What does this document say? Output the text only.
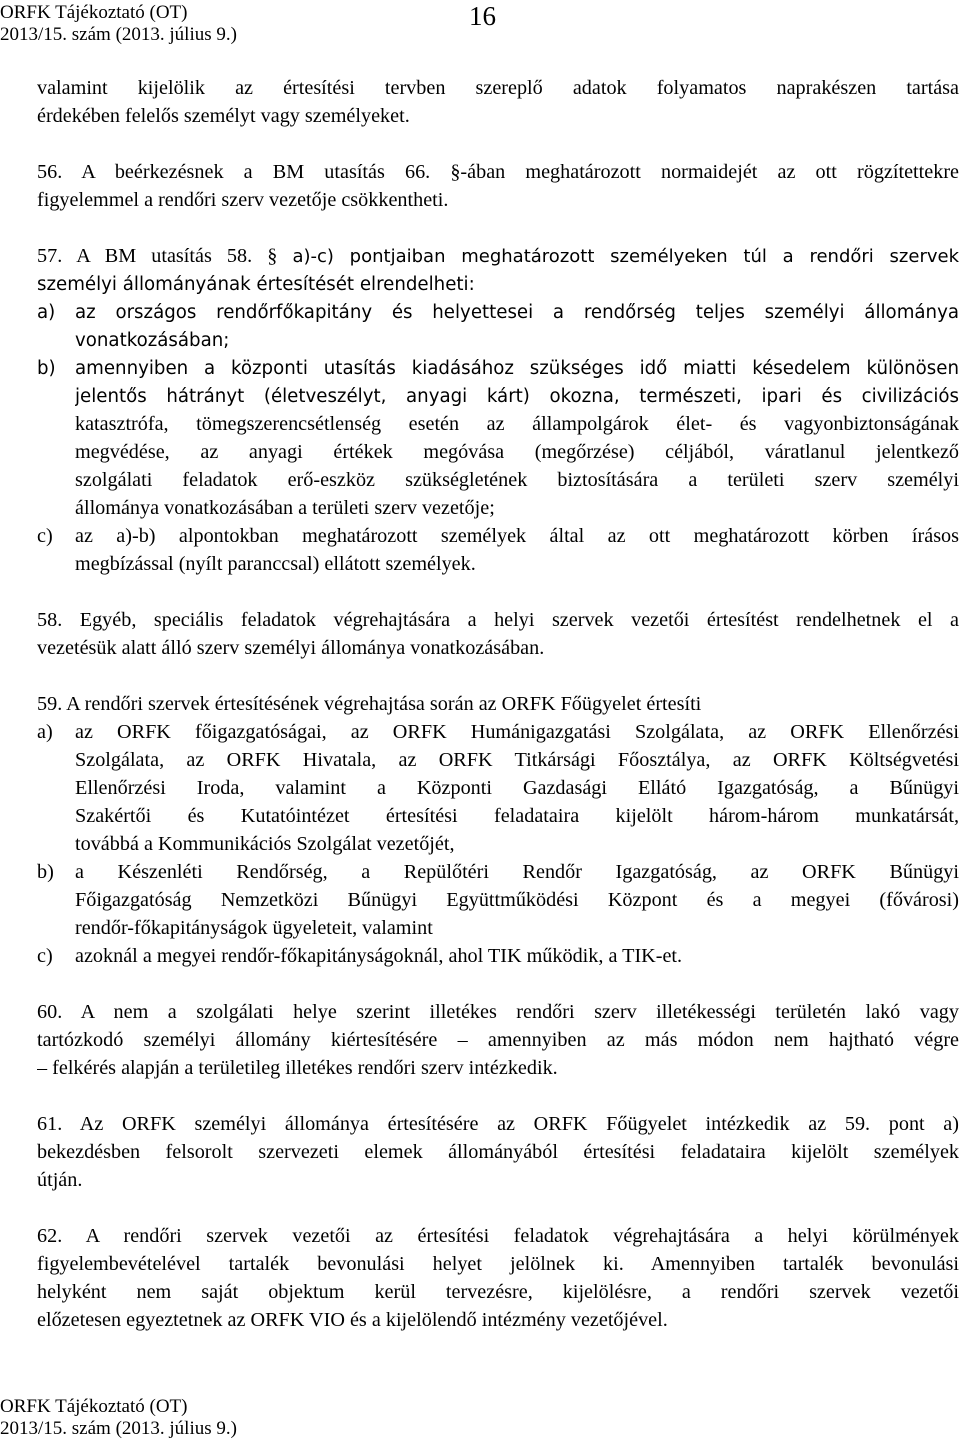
ORFK Tájékoztató (OT)
2013/15. szám (2013. július 9.)
16
valamint kijelölik az értesítési tervben szereplő adatok folyamatos naprakészen tartása
érdekében felelős személyt vagy személyeket.
56. A beérkezésnek a BM utasítás 66. §-ában meghatározott normaidejét az ott rögzítettekre
figyelemmel a rendőri szerv vezetője csökkentheti.
57. A BM utasítás 58. § a)-c) pontjaiban meghatározott személyeken túl a rendőri szervek
személyi állományának értesítését elrendelheti:
a) az országos rendőrfőkapitány és helyettesei a rendőrség teljes személyi állománya
vonatkozásában;
b) amennyiben a központi utasítás kiadásához szükséges idő miatti késedelem különösen
jelentős hátrányt (életveszélyt, anyagi kárt) okozna, természeti, ipari és civilizációs
katasztrófa, tömegszerencsétlenség esetén az állampolgárok élet- és vagyonbiztonságának
megvédése, az anyagi értékek megóvása (megőrzése) céljából, váratlanul jelentkező
szolgálati feladatok erő-eszköz szükségletének biztosítására a területi szerv személyi
állománya vonatkozásában a területi szerv vezetője;
c) az a)-b) alpontokban meghatározott személyek által az ott meghatározott körben írásos
megbízással (nyílt paranccsal) ellátott személyek.
58. Egyéb, speciális feladatok végrehajtására a helyi szervek vezetői értesítést rendelhetnek el a
vezetésük alatt álló szerv személyi állománya vonatkozásában.
59. A rendőri szervek értesítésének végrehajtása során az ORFK Főügyelet értesíti
a) az ORFK főigazgatóságai, az ORFK Humánigazgatási Szolgálata, az ORFK Ellenőrzési
Szolgálata, az ORFK Hivatala, az ORFK Titkársági Főosztálya, az ORFK Költségvetési
Ellenőrzési Iroda, valamint a Központi Gazdasági Ellátó Igazgatóság, a Bűnügyi
Szakértői és Kutatóintézet értesítési feladataira kijelölt három-három munkatársát,
továbbá a Kommunikációs Szolgálat vezetőjét,
b) a Készenléti Rendőrség, a Repülőtéri Rendőr Igazgatóság, az ORFK Bűnügyi
Főigazgatóság Nemzetközi Bűnügyi Együttműködési Központ és a megyei (fővárosi)
rendőr-főkapitányságok ügyeleteit, valamint
c) azoknál a megyei rendőr-főkapitányságoknál, ahol TIK működik, a TIK-et.
60. A nem a szolgálati helye szerint illetékes rendőri szerv illetékességi területén lakó vagy
tartózkodó személyi állomány kiértesítésére – amennyiben az más módon nem hajtható végre
– felkérés alapján a területileg illetékes rendőri szerv intézkedik.
61. Az ORFK személyi állománya értesítésére az ORFK Főügyelet intézkedik az 59. pont a)
bekezdésben felsorolt szervezeti elemek állományából értesítési feladataira kijelölt személyek
útján.
62. A rendőri szervek vezetői az értesítési feladatok végrehajtására a helyi körülmények
figyelembevételével tartalék bevonulási helyet jelölnek ki. Amennyiben tartalék bevonulási
helyként nem saját objektum kerül tervezésre, kijelölésre, a rendőri szervek vezetői
előzetesen egyeztetnek az ORFK VIO és a kijelölendő intézmény vezetőjével.
ORFK Tájékoztató (OT)
2013/15. szám (2013. július 9.)
